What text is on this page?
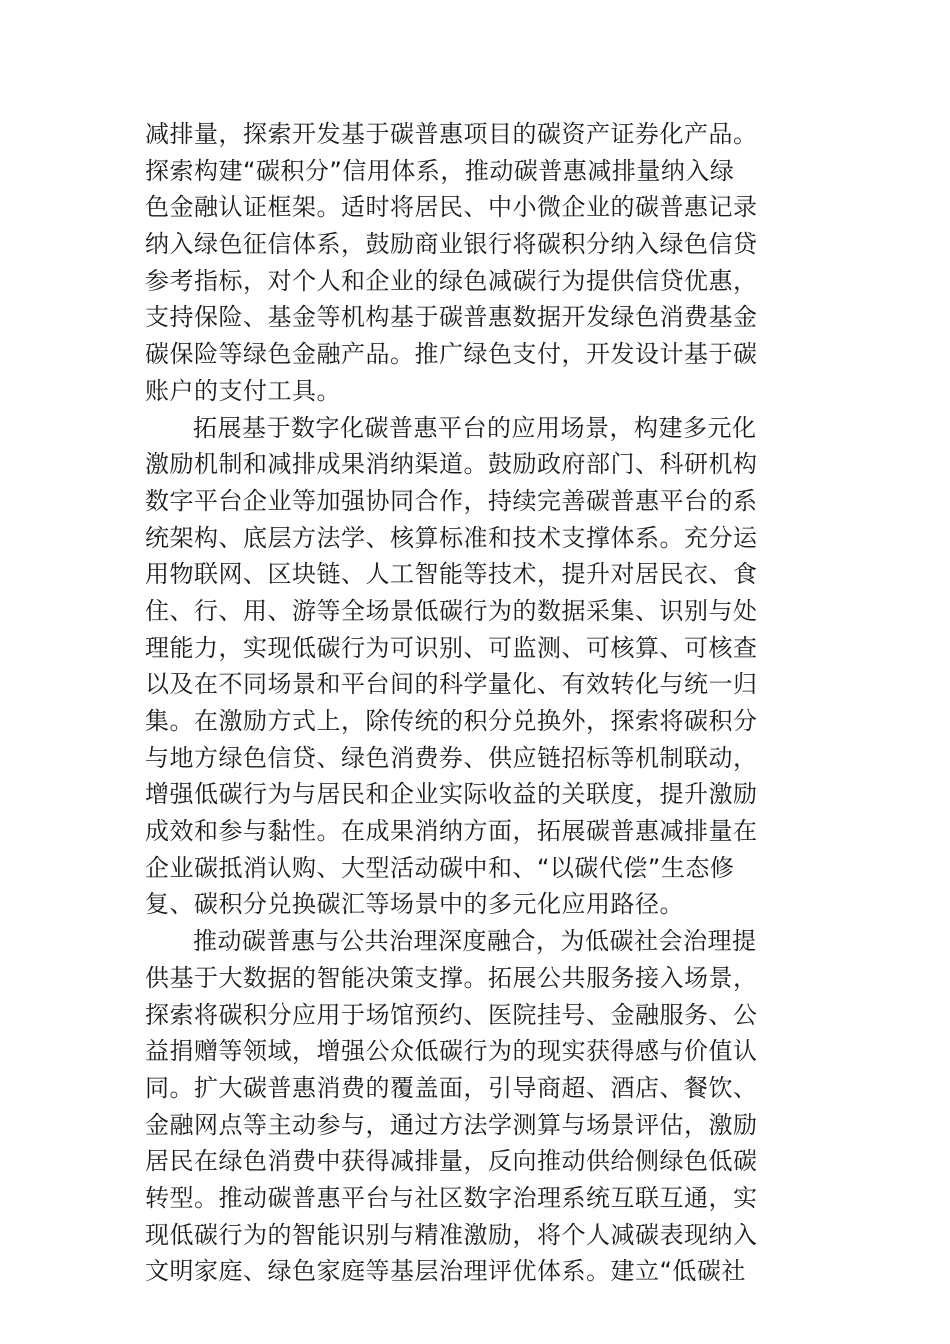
减排量，探索开发基于碳普惠项目的碳资产证券化产品。
探索构建“碳积分”信用体系，推动碳普惠减排量纳入绿
色金融认证框架。适时将居民、中小微企业的碳普惠记录
纳入绿色征信体系，鼓励商业银行将碳积分纳入绿色信贷
参考指标，对个人和企业的绿色减碳行为提供信贷优惠，
支持保险、基金等机构基于碳普惠数据开发绿色消费基金
碳保险等绿色金融产品。推广绿色支付，开发设计基于碳
账户的支付工具。
拓展基于数字化碳普惠平台的应用场景，构建多元化
激励机制和减排成果消纳渠道。鼓励政府部门、科研机构
数字平台企业等加强协同合作，持续完善碳普惠平台的系
统架构、底层方法学、核算标准和技术支撑体系。充分运
用物联网、区块链、人工智能等技术，提升对居民衣、食
住、行、用、游等全场景低碳行为的数据采集、识别与处
理能力，实现低碳行为可识别、可监测、可核算、可核查
以及在不同场景和平台间的科学量化、有效转化与统一归
集。在激励方式上，除传统的积分兑换外，探索将碳积分
与地方绿色信贷、绿色消费券、供应链招标等机制联动，
增强低碳行为与居民和企业实际收益的关联度，提升激励
成效和参与黏性。在成果消纳方面，拓展碳普惠减排量在
企业碳抵消认购、大型活动碳中和、“以碳代偿”生态修
复、碳积分兑换碳汇等场景中的多元化应用路径。
推动碳普惠与公共治理深度融合，为低碳社会治理提
供基于大数据的智能决策支撑。拓展公共服务接入场景，
探索将碳积分应用于场馆预约、医院挂号、金融服务、公
益捐赠等领域，增强公众低碳行为的现实获得感与价值认
同。扩大碳普惠消费的覆盖面，引导商超、酒店、餐饮、
金融网点等主动参与，通过方法学测算与场景评估，激励
居民在绿色消费中获得减排量，反向推动供给侧绿色低碳
转型。推动碳普惠平台与社区数字治理系统互联互通，实
现低碳行为的智能识别与精准激励，将个人减碳表现纳入
文明家庭、绿色家庭等基层治理评优体系。建立“低碳社
